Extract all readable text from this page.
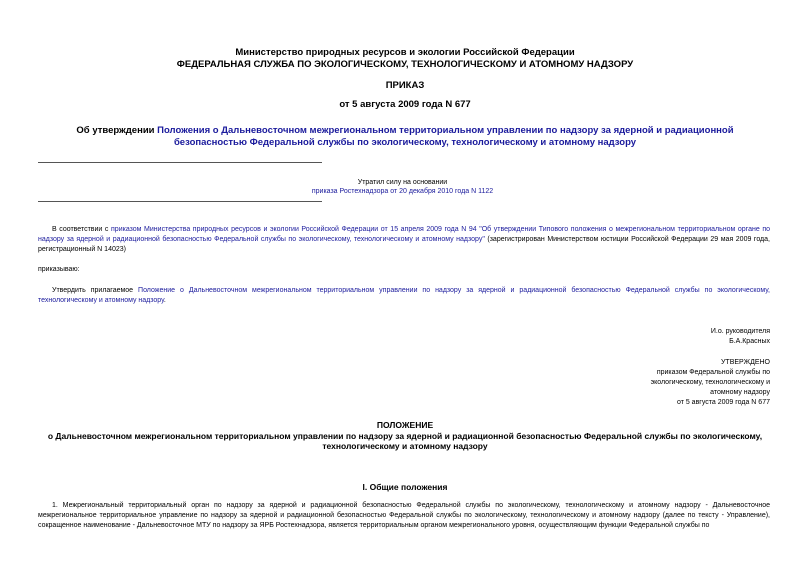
Министерство природных ресурсов и экологии Российской Федерации
ФЕДЕРАЛЬНАЯ СЛУЖБА ПО ЭКОЛОГИЧЕСКОМУ, ТЕХНОЛОГИЧЕСКОМУ И АТОМНОМУ НАДЗОРУ
ПРИКАЗ
от 5 августа 2009 года N 677
Об утверждении Положения о Дальневосточном межрегиональном территориальном управлении по надзору за ядерной и радиационной безопасностью Федеральной службы по экологическому, технологическому и атомному надзору
Утратил силу на основании
приказа Ростехнадзора от 20 декабря 2010 года N 1122
В соответствии с приказом Министерства природных ресурсов и экологии Российской Федерации от 15 апреля 2009 года N 94 "Об утверждении Типового положения о межрегиональном территориальном органе по надзору за ядерной и радиационной безопасностью Федеральной службы по экологическому, технологическому и атомному надзору" (зарегистрирован Министерством юстиции Российской Федерации 29 мая 2009 года, регистрационный N 14023)
приказываю:
Утвердить прилагаемое Положение о Дальневосточном межрегиональном территориальном управлении по надзору за ядерной и радиационной безопасностью Федеральной службы по экологическому, технологическому и атомному надзору.
И.о. руководителя
Б.А.Красных
УТВЕРЖДЕНО
приказом Федеральной службы по
экологическому, технологическому и
атомному надзору
от 5 августа 2009 года N 677
ПОЛОЖЕНИЕ
о Дальневосточном межрегиональном территориальном управлении по надзору за ядерной и радиационной безопасностью Федеральной службы по экологическому, технологическому и атомному надзору
I. Общие положения
1. Межрегиональный территориальный орган по надзору за ядерной и радиационной безопасностью Федеральной службы по экологическому, технологическому и атомному надзору - Дальневосточное межрегиональное территориальное управление по надзору за ядерной и радиационной безопасностью Федеральной службы по экологическому, технологическому и атомному надзору (далее по тексту - Управление), сокращенное наименование - Дальневосточное МТУ по надзору за ЯРБ Ростехнадзора, является территориальным органом межрегионального уровня, осуществляющим функции Федеральной службы по
